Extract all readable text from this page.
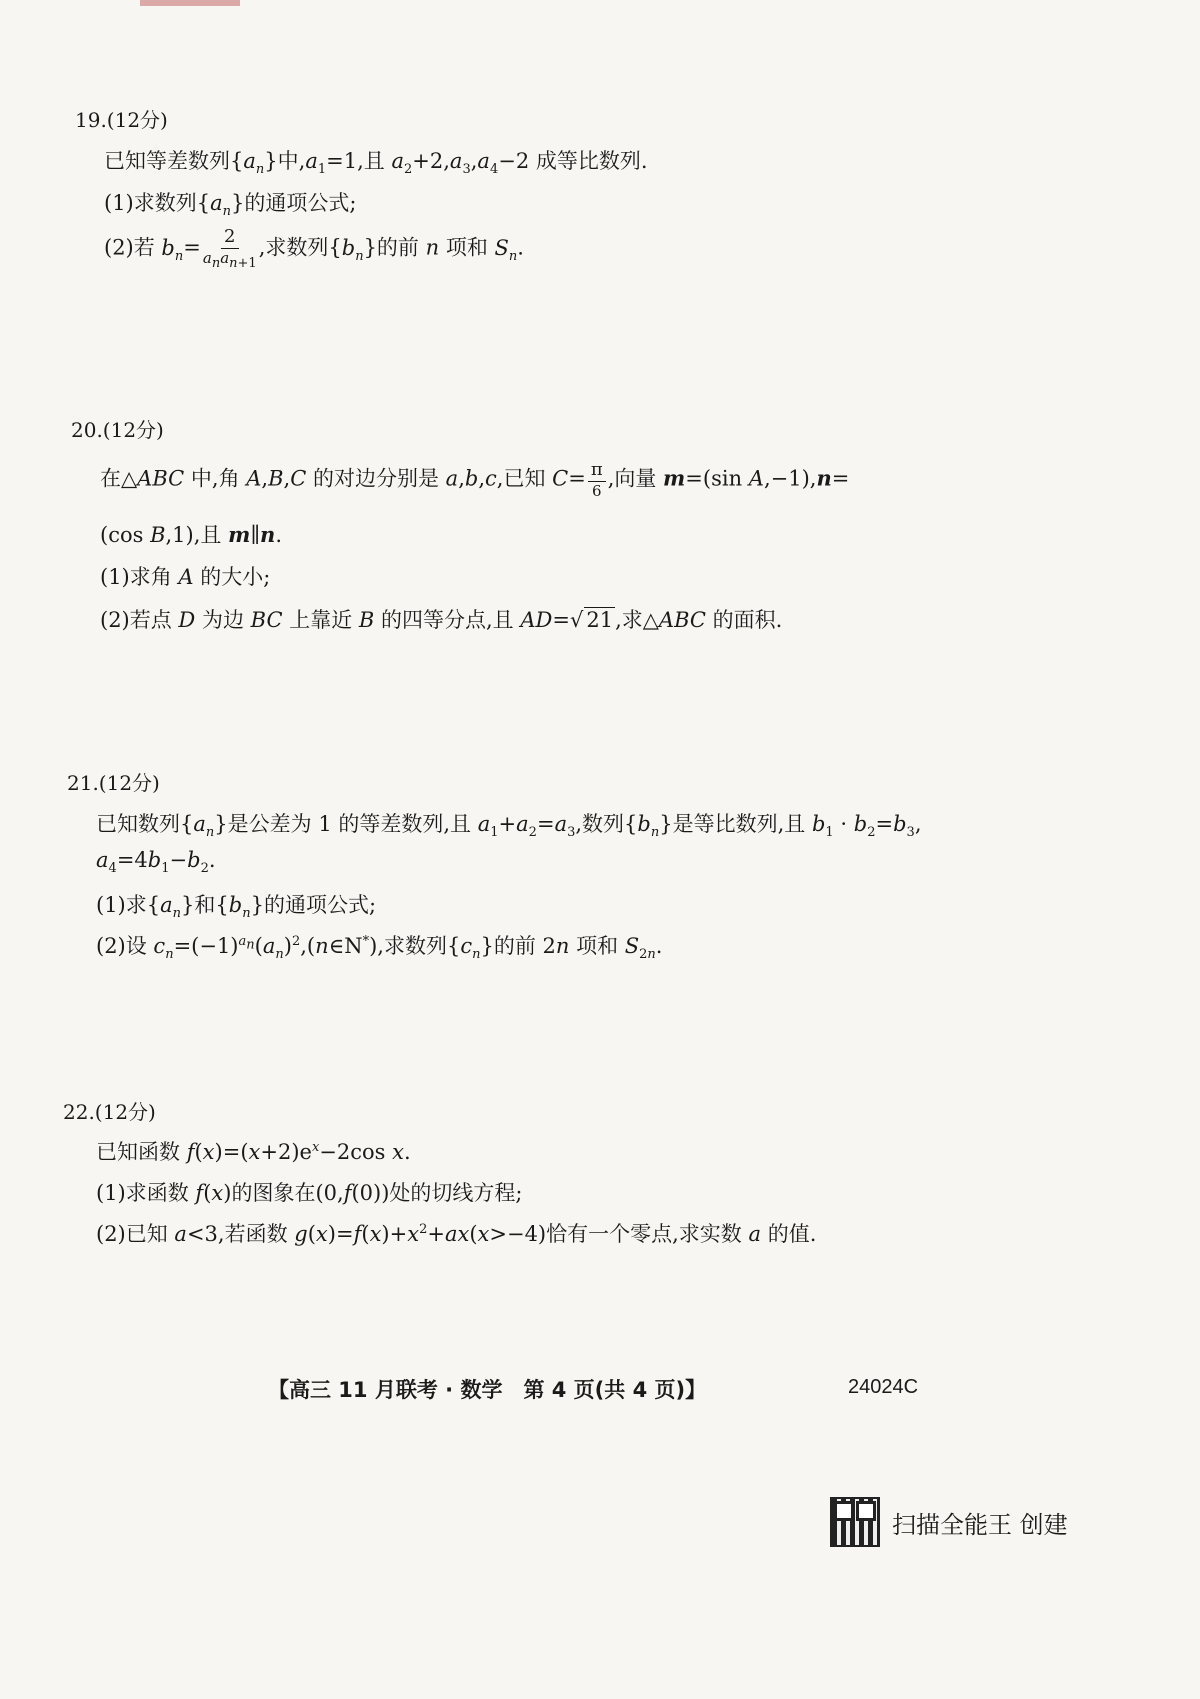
19.(12分)
已知等差数列$\{a_n\}$中$,a_1=1$,且 $a_2+2,a_3,a_4-2$ 成等比数列.
(1)求数列$\{a_n\}$的通项公式;
(2)若 $b_n= \frac{2}{a_na_{n+1}}$ ,求数列$\{b_n\}$的前 n 项和 $S_n$.
20.(12分)
在△ABC 中,角 A,B,C 的对边分别是 a,b,c,已知 $C= \frac{\pi}{6}$ ,向量 m=(sin A,−1),n=
(cos B,1),且 m∥n.
(1)求角 A 的大小;
(2)若点 D 为边 BC 上靠近 B 的四等分点,且 AD=√ 21,求△ABC 的面积.
21.(12分)
已知数列$\{a_n\}$是公差为 1 的等差数列,且 $a_1+a_2=a_3$,数列$\{b_n\}$是等比数列,且 $b_1 \cdot b_2=b_3$,
$a_4=4b_1-b_2$.
(1)求$\{a_n\}$和$\{b_n\}$的通项公式;
(2)设 $c_n=(-1)^{a_n}(a_n)^2,(n\in N^*)$,求数列$\{c_n\}$的前 2n 项和 $S_{2n}$.
22.(12分)
已知函数 $f(x)=(x+2)e^x-2\cos$ x.
(1)求函数 f(x)的图象在(0,f(0))处的切线方程;
(2)已知 a<3,若函数 $g(x)=f(x)+x^2+ax(x>-4)$恰有一个零点,求实数 a 的值.
【高三 11 月联考 · 数学　第 4 页(共 4 页)】	24024C
扫描全能王 创建
